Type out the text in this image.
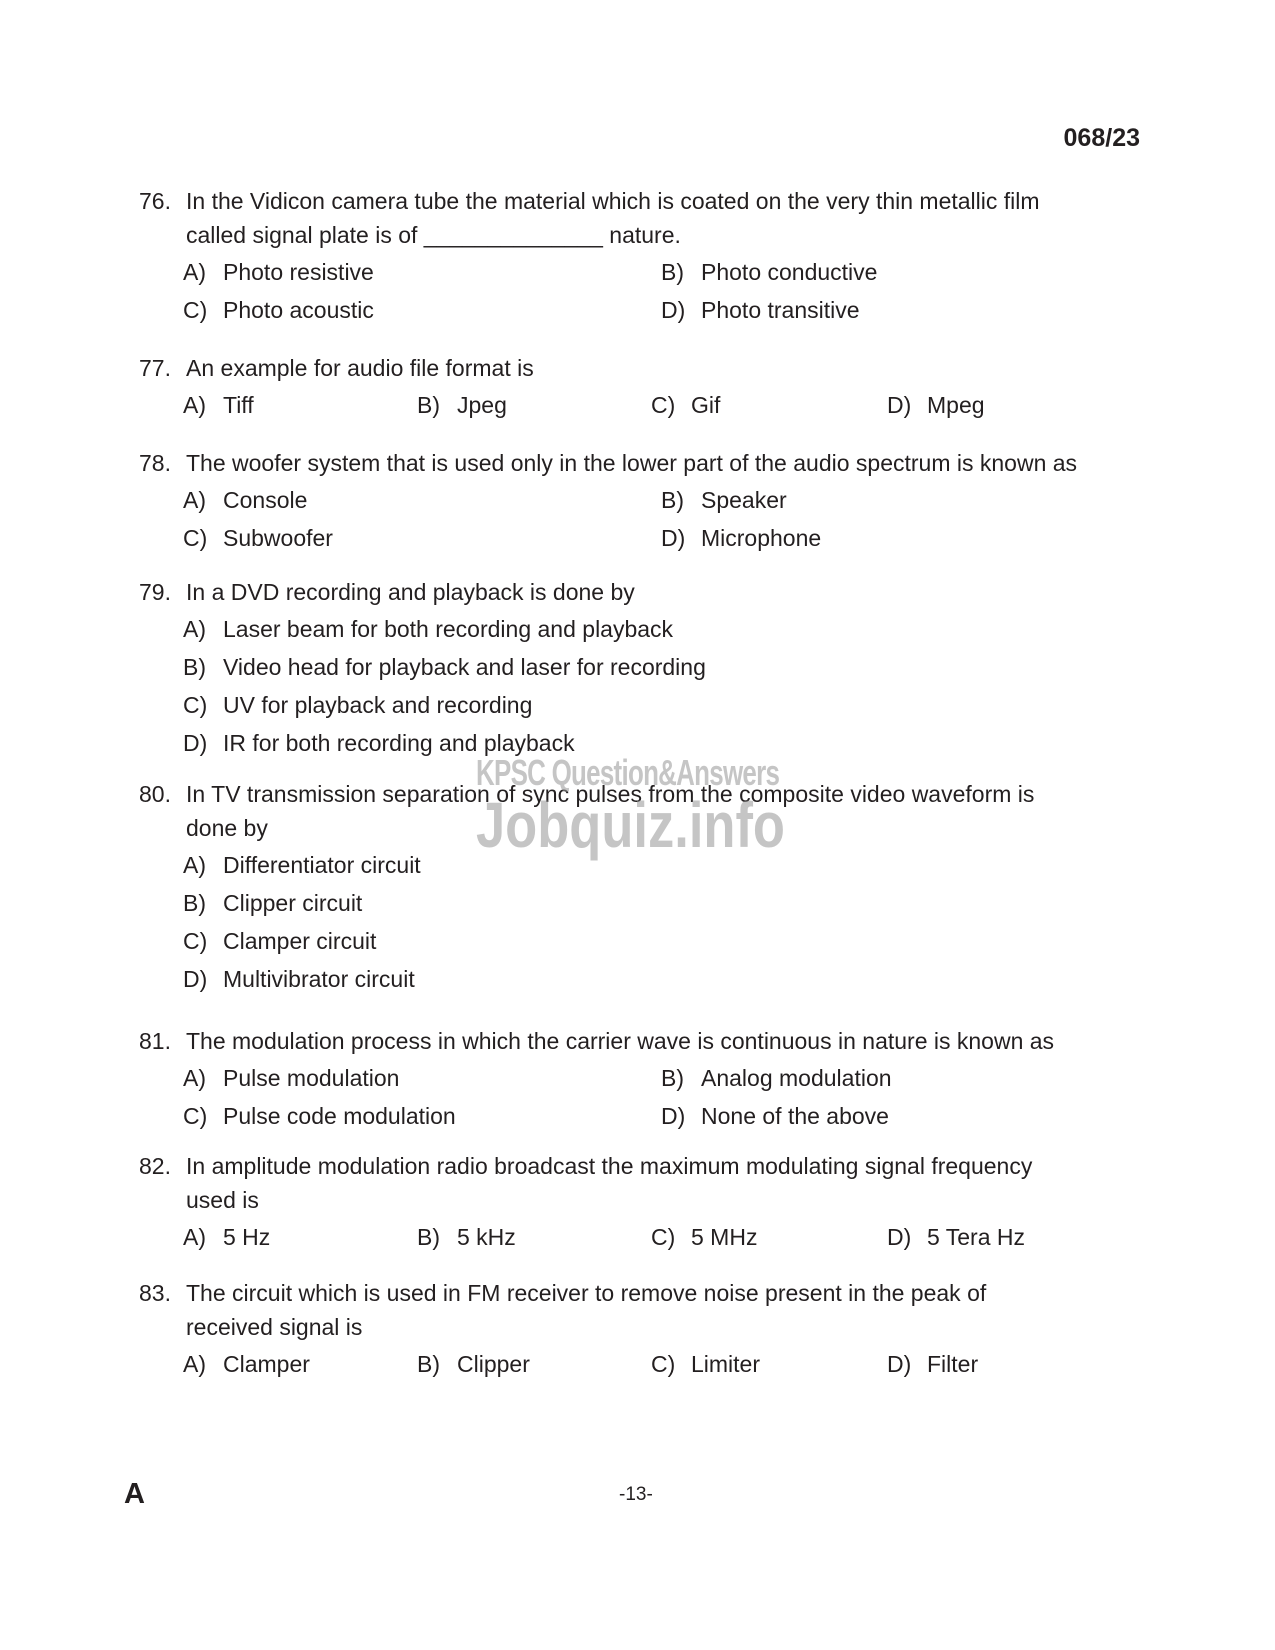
068/23
76. In the Vidicon camera tube the material which is coated on the very thin metallic film
called signal plate is of ______________ nature.
A) Photo resistive	B) Photo conductive
C) Photo acoustic	D) Photo transitive
77. An example for audio file format is
A) Tiff	B) Jpeg	C) Gif	D) Mpeg
78. The woofer system that is used only in the lower part of the audio spectrum is known as
A) Console	B) Speaker
C) Subwoofer	D) Microphone
79. In a DVD recording and playback is done by
A) Laser beam for both recording and playback
B) Video head for playback and laser for recording
C) UV for playback and recording
D) IR for both recording and playback
80. In TV transmission separation of sync pulses from the composite video waveform is
done by
A) Differentiator circuit
B) Clipper circuit
C) Clamper circuit
D) Multivibrator circuit
81. The modulation process in which the carrier wave is continuous in nature is known as
A) Pulse modulation	B) Analog modulation
C) Pulse code modulation	D) None of the above
82. In amplitude modulation radio broadcast the maximum modulating signal frequency
used is
A) 5 Hz	B) 5 kHz	C) 5 MHz	D) 5 Tera Hz
83. The circuit which is used in FM receiver to remove noise present in the peak of
received signal is
A) Clamper	B) Clipper	C) Limiter	D) Filter
KPSC Question&Answers
Jobquiz.info
A	-13-
